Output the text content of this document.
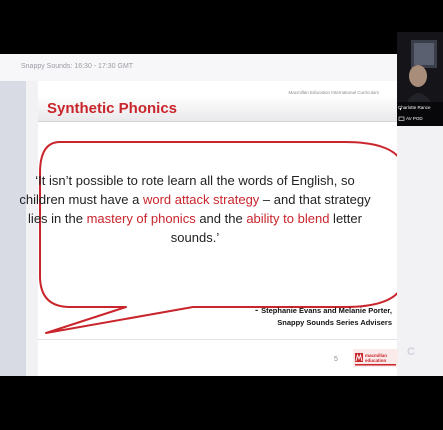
Snappy Sounds: 16:30 - 17:30 GMT
Synthetic Phonics
Macmillan Education International Curriculum
5
macmillan
education
‘It isn’t possible to rote learn all the words of English, so children must have a word attack strategy – and that strategy lies in the mastery of phonics and the ability to blend letter sounds.’
- Stephanie Evans and Melanie Porter,
Snappy Sounds Series Advisers
C
Charlotte Rance
AV POD
